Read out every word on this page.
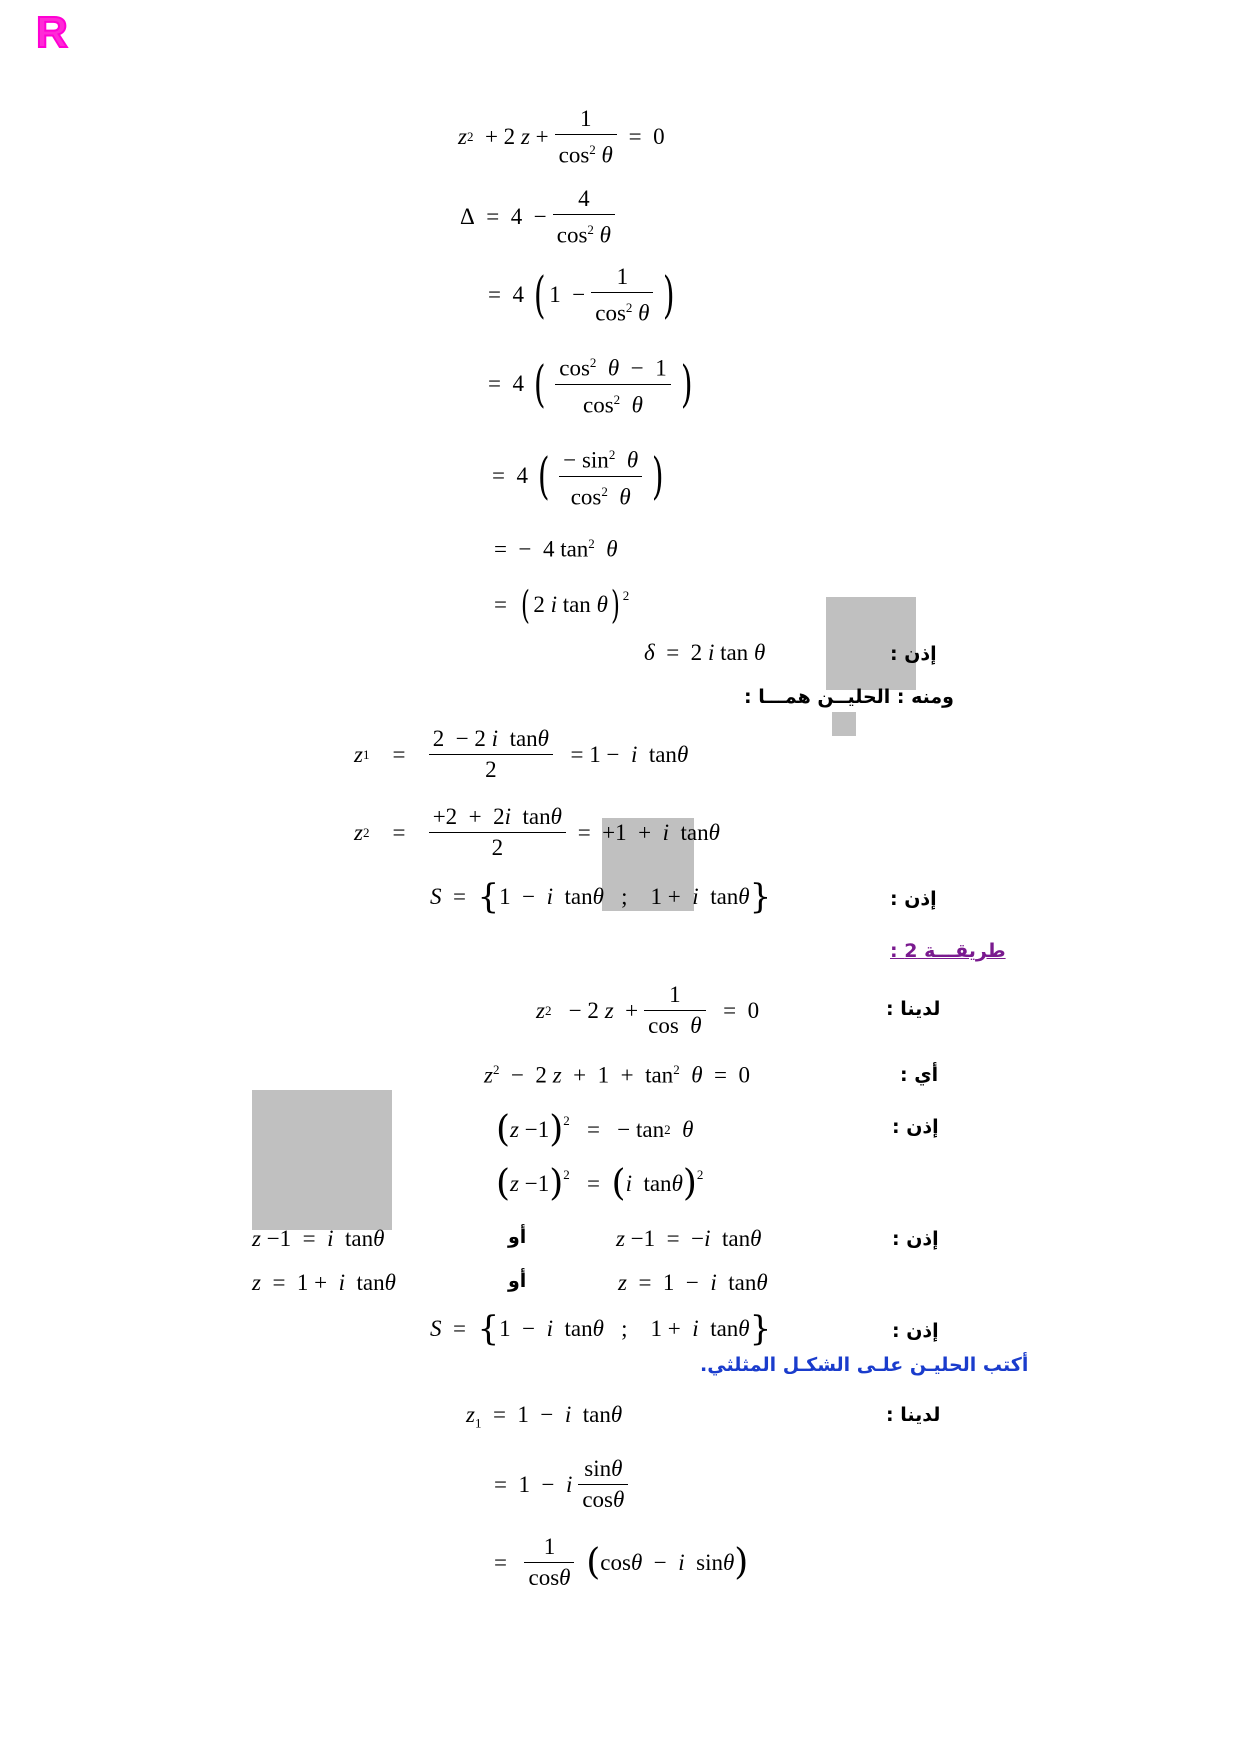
R
z 2 + 2 $z + \frac{1}{\cos^2 \theta} = 0$
$\Delta = 4 - \frac{4}{\cos^2 \theta}$
=  4 ( $1 - \frac{1}{\cos^2 \theta}$ )
=  4 ( $\frac{\cos^2 \theta - 1}{\cos^2 \theta}$ )
=  4 ( $\frac{- \sin^2 \theta}{\cos^2 \theta}$ )
=  −  4 $\tan^2 \theta$
= ( 2 i tan θ )$^2$
δ  =  2 i tan θ	إذن :
ومنه : الحليــن همـــا :
z $1 = \frac{\text{2  − 2 i  tanθ}}{2} = 1 - i$ tan θ
z $2 = \frac{\text{+2  +  2i  tanθ}}{2} = +1 + i$ tan θ
S = { 1  − i tan θ ;    1 + i tan θ }	إذن :
طريقـــة 2 :
z 2 − 2 $z + \frac{1}{\text{cos  θ}} = 0$	لدينا :
$z^2 - 2$ $z + 1 + \tan^2 \theta = 0$	أي :
( z −1 )$^2$ =   − $\tan_2$
θ	إذن :
( z −1 )$^2$ = ( i tan θ )$^2$
z −1  =  i  tanθ	أو	z −1  =  −i  tanθ	إذن :
z  =  1 +  i  tanθ	أو	z  =  1  −  i  tanθ
S = { 1  − i tan θ ;    1 + i tan θ }	إذن :
أكتب الحليـن علـى الشكـل المثلثي.
$z_1 = 1 - i$  tanθ	لدينا :
=  1  − i $\frac{\sin\theta}{\cos\theta}$
= $\frac{1}{\cos\theta}$
( cos θ − i sin θ )
